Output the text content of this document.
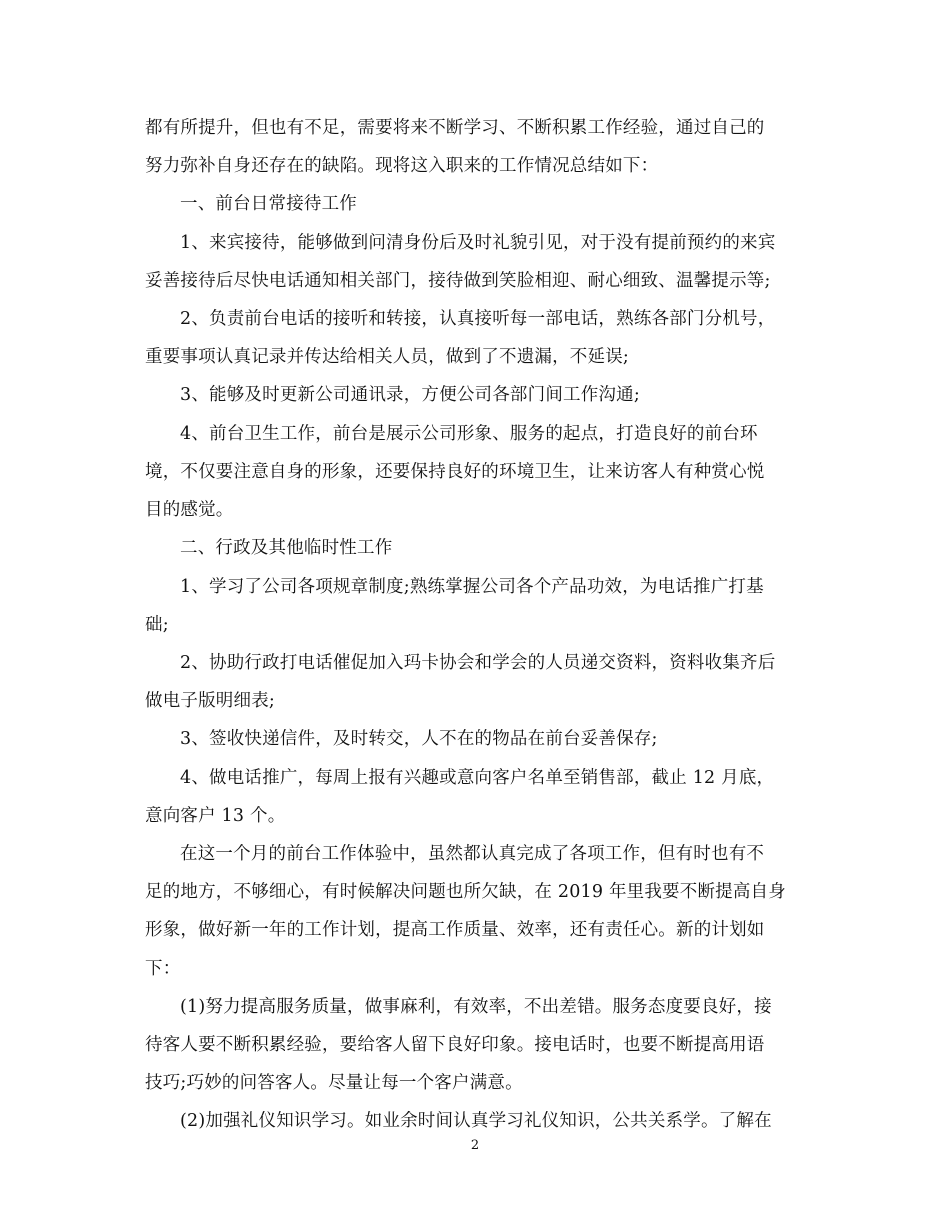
都有所提升，但也有不足，需要将来不断学习、不断积累工作经验，通过自己的
努力弥补自身还存在的缺陷。现将这入职来的工作情况总结如下：
一、前台日常接待工作
1、来宾接待，能够做到问清身份后及时礼貌引见，对于没有提前预约的来宾
妥善接待后尽快电话通知相关部门，接待做到笑脸相迎、耐心细致、温馨提示等;
2、负责前台电话的接听和转接，认真接听每一部电话，熟练各部门分机号，
重要事项认真记录并传达给相关人员，做到了不遗漏，不延误;
3、能够及时更新公司通讯录，方便公司各部门间工作沟通;
4、前台卫生工作，前台是展示公司形象、服务的起点，打造良好的前台环
境，不仅要注意自身的形象，还要保持良好的环境卫生，让来访客人有种赏心悦
目的感觉。
二、行政及其他临时性工作
1、学习了公司各项规章制度;熟练掌握公司各个产品功效，为电话推广打基
础;
2、协助行政打电话催促加入玛卡协会和学会的人员递交资料，资料收集齐后
做电子版明细表;
3、签收快递信件，及时转交，人不在的物品在前台妥善保存;
4、做电话推广，每周上报有兴趣或意向客户名单至销售部，截止 12 月底，
意向客户 13 个。
在这一个月的前台工作体验中，虽然都认真完成了各项工作，但有时也有不
足的地方，不够细心，有时候解决问题也所欠缺，在 2019 年里我要不断提高自身
形象，做好新一年的工作计划，提高工作质量、效率，还有责任心。新的计划如
下：
(1)努力提高服务质量，做事麻利，有效率，不出差错。服务态度要良好，接
待客人要不断积累经验，要给客人留下良好印象。接电话时，也要不断提高用语
技巧;巧妙的问答客人。尽量让每一个客户满意。
(2)加强礼仪知识学习。如业余时间认真学习礼仪知识，公共关系学。了解在
2
